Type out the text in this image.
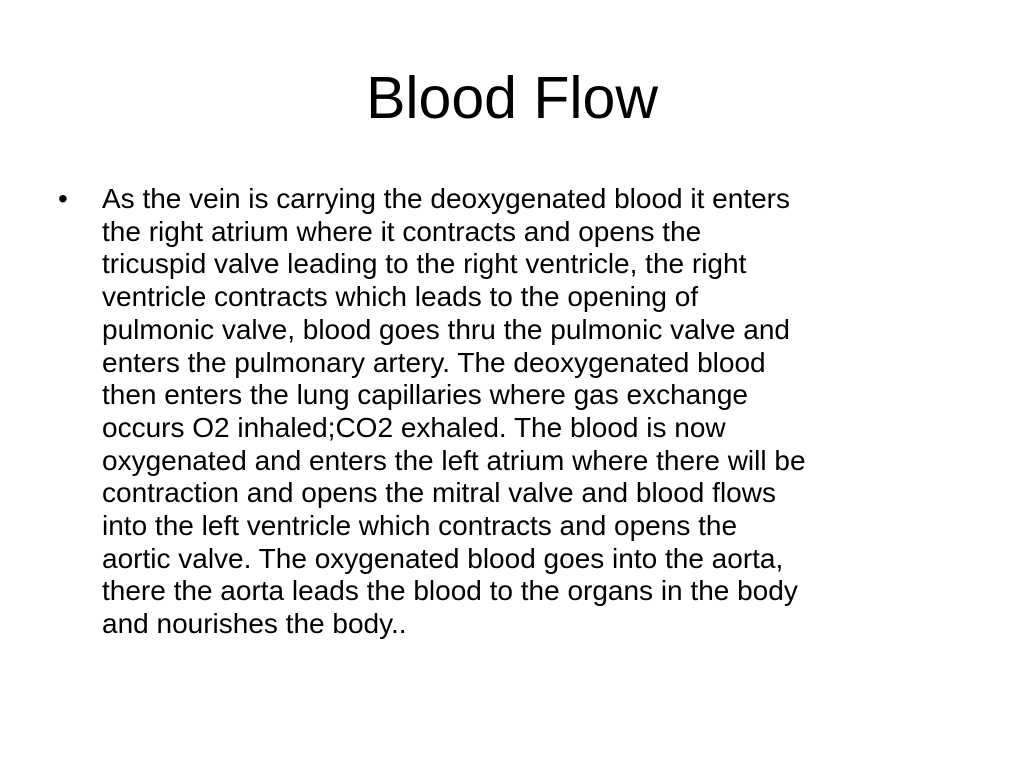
Blood Flow
•	As the vein is carrying the deoxygenated blood it enters
the right atrium where it contracts and opens the
tricuspid valve leading to the right ventricle, the right
ventricle contracts which leads to the opening of
pulmonic valve, blood goes thru the pulmonic valve and
enters the pulmonary artery. The deoxygenated blood
then enters the lung capillaries where gas exchange
occurs O2 inhaled;CO2 exhaled. The blood is now
oxygenated and enters the left atrium where there will be
contraction and opens the mitral valve and blood flows
into the left ventricle which contracts and opens the
aortic valve. The oxygenated blood goes into the aorta,
there the aorta leads the blood to the organs in the body
and nourishes the body..
